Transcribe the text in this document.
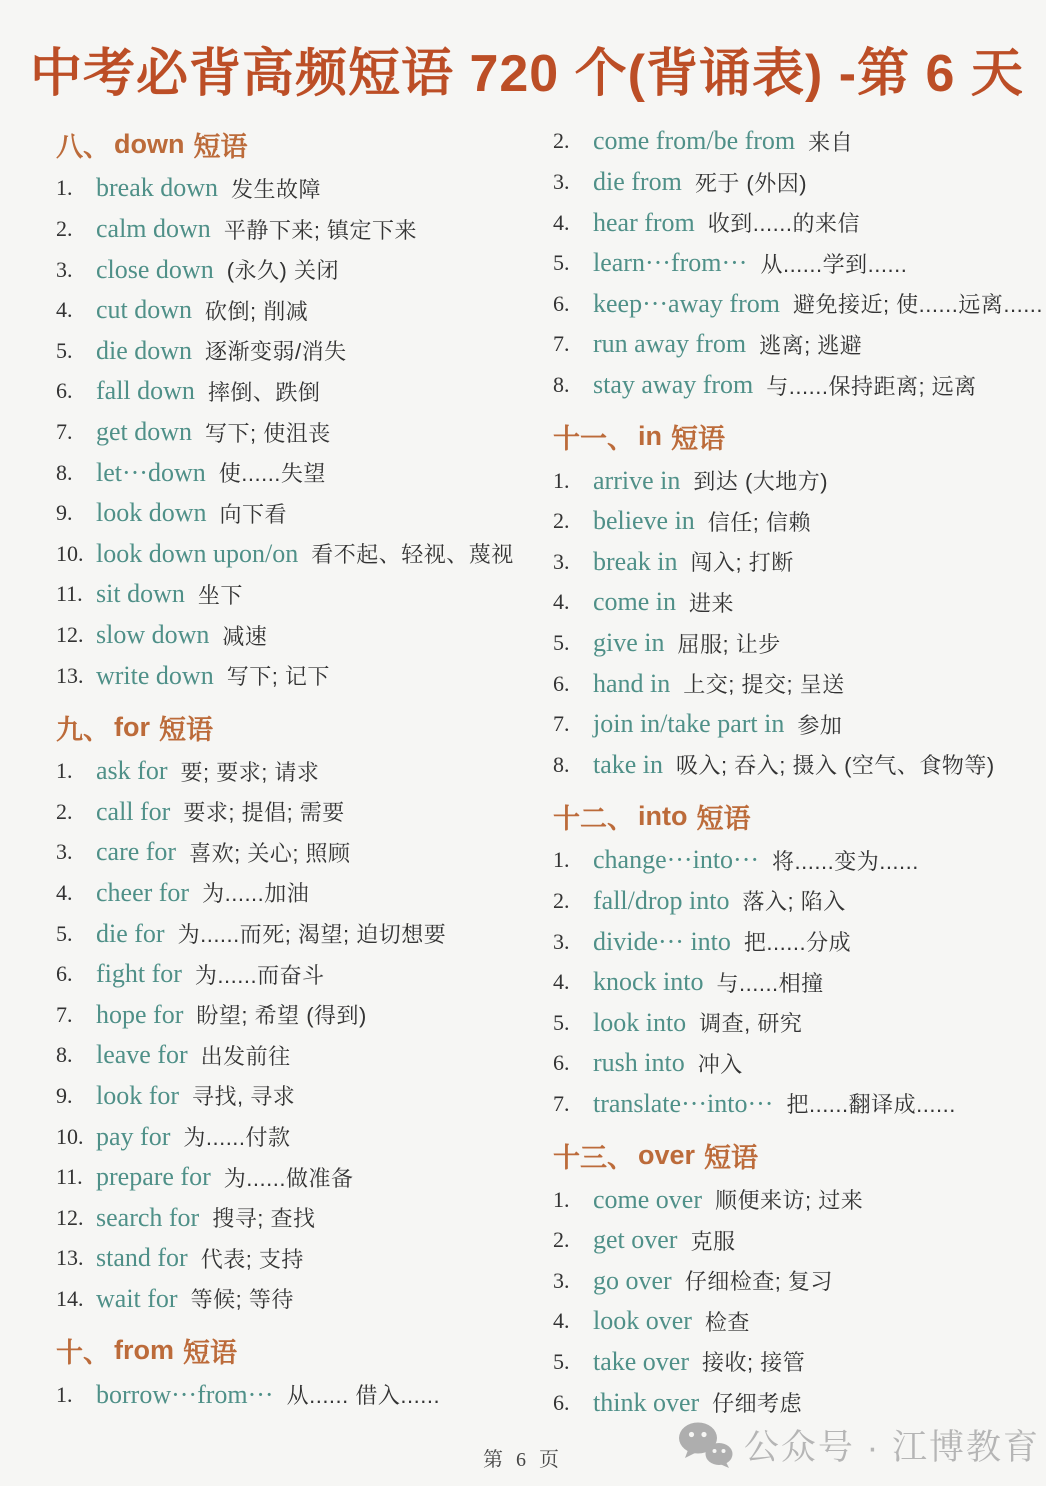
中考必背高频短语 720 个(背诵表) -第 6 天
八、 down 短语
1. break down 发生故障
2. calm down 平静下来; 镇定下来
3. close down (永久) 关闭
4. cut down 砍倒; 削减
5. die down 逐渐变弱/消失
6. fall down 摔倒、跌倒
7. get down 写下; 使沮丧
8. let···down 使......失望
9. look down 向下看
10. look down upon/on 看不起、轻视、蔑视
11. sit down 坐下
12. slow down 减速
13. write down 写下; 记下
九、 for 短语
1. ask for 要; 要求; 请求
2. call for 要求; 提倡; 需要
3. care for 喜欢; 关心; 照顾
4. cheer for 为......加油
5. die for 为......而死; 渴望; 迫切想要
6. fight for 为......而奋斗
7. hope for 盼望; 希望 (得到)
8. leave for 出发前往
9. look for 寻找, 寻求
10. pay for 为......付款
11. prepare for 为......做准备
12. search for 搜寻; 查找
13. stand for 代表; 支持
14. wait for 等候; 等待
十、 from 短语
1. borrow···from··· 从...... 借入......
2. come from/be from 来自
3. die from 死于 (外因)
4. hear from 收到......的来信
5. learn···from··· 从......学到......
6. keep···away from 避免接近; 使......远离......
7. run away from 逃离; 逃避
8. stay away from 与......保持距离; 远离
十一、 in 短语
1. arrive in 到达 (大地方)
2. believe in 信任; 信赖
3. break in 闯入; 打断
4. come in 进来
5. give in 屈服; 让步
6. hand in 上交; 提交; 呈送
7. join in/take part in 参加
8. take in 吸入; 吞入; 摄入 (空气、食物等)
十二、 into 短语
1. change···into··· 将......变为......
2. fall/drop into 落入; 陷入
3. divide··· into 把......分成
4. knock into 与......相撞
5. look into 调查, 研究
6. rush into 冲入
7. translate···into··· 把......翻译成......
十三、 over 短语
1. come over 顺便来访; 过来
2. get over 克服
3. go over 仔细检查; 复习
4. look over 检查
5. take over 接收; 接管
6. think over 仔细考虑
公众号 · 江博教育
第 6 页
